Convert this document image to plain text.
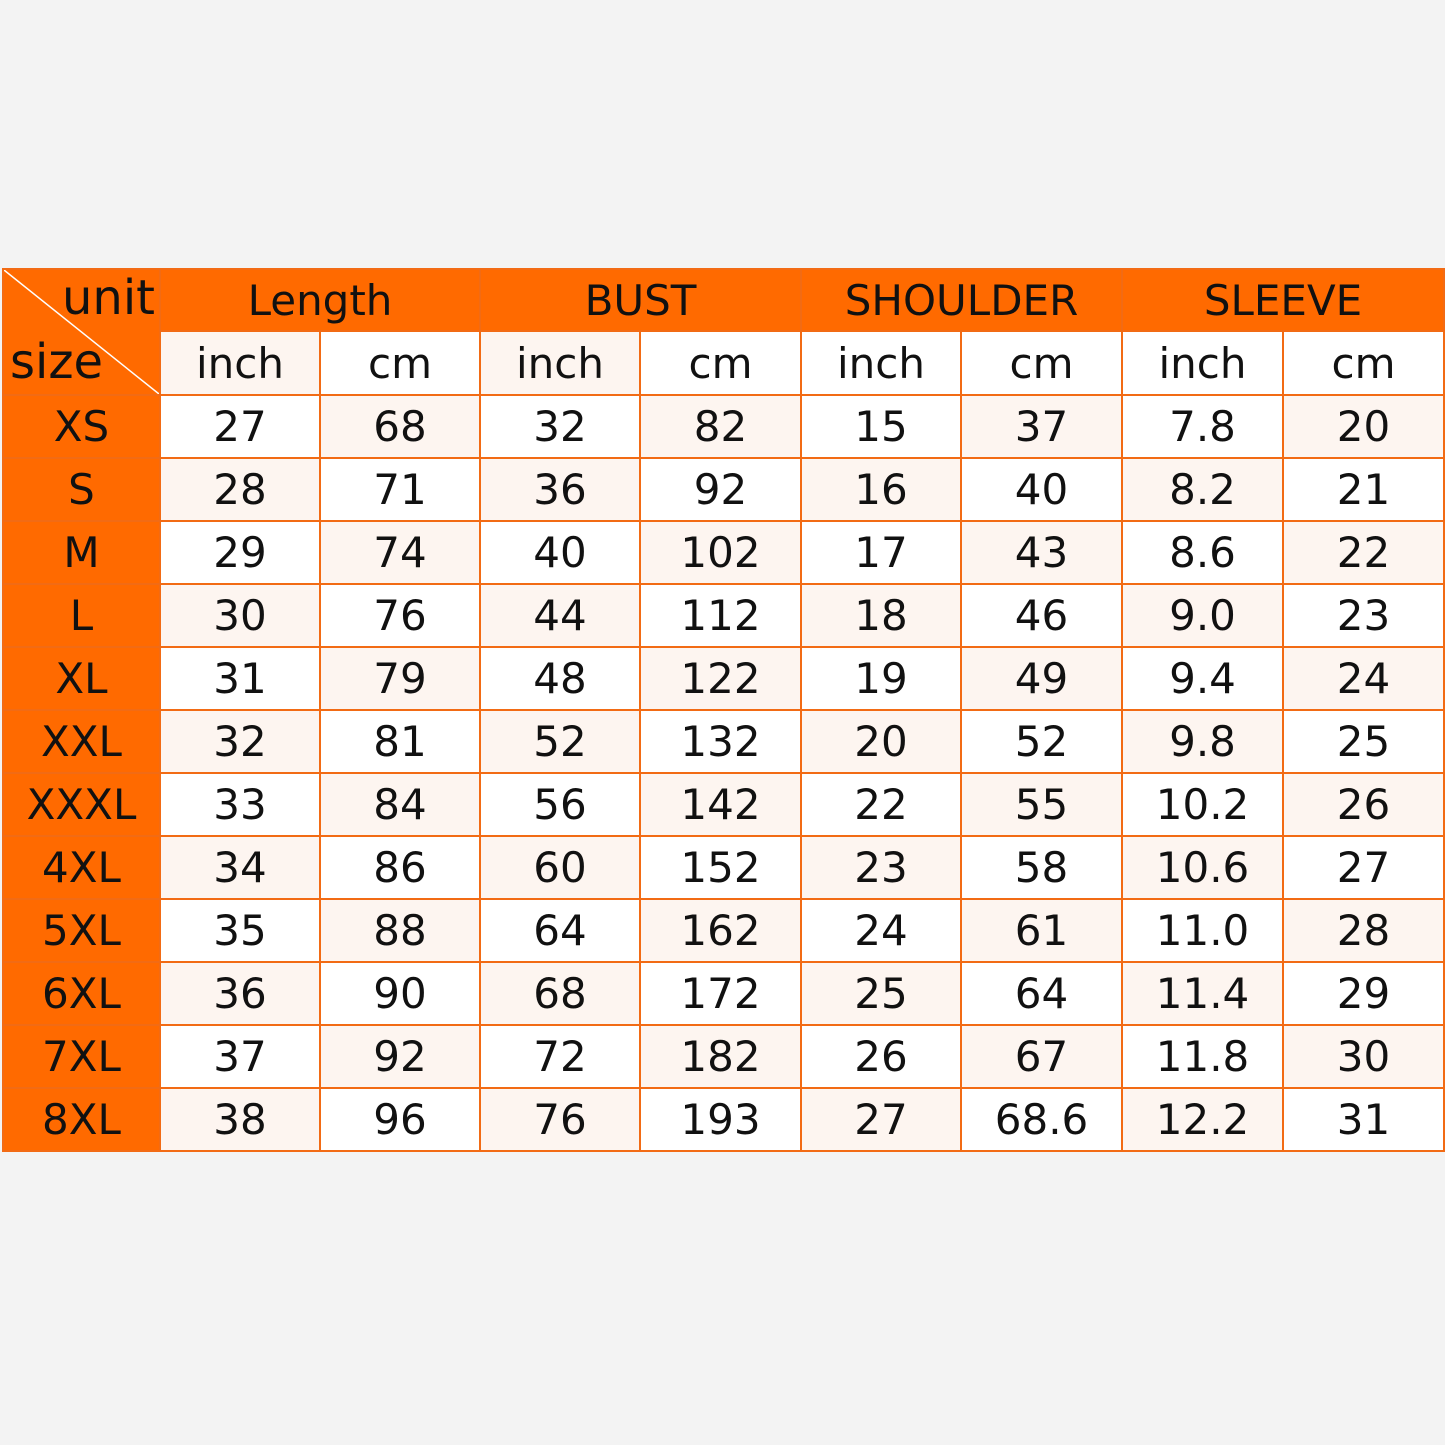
unit
size	Length		BUST		SHOULDER		SLEEVE	
	inch	cm	inch	cm	inch	cm	inch	cm
XS	27	68	32	82	15	37	7.8	20
S	28	71	36	92	16	40	8.2	21
M	29	74	40	102	17	43	8.6	22
L	30	76	44	112	18	46	9.0	23
XL	31	79	48	122	19	49	9.4	24
XXL	32	81	52	132	20	52	9.8	25
XXXL	33	84	56	142	22	55	10.2	26
4XL	34	86	60	152	23	58	10.6	27
5XL	35	88	64	162	24	61	11.0	28
6XL	36	90	68	172	25	64	11.4	29
7XL	37	92	72	182	26	67	11.8	30
8XL	38	96	76	193	27	68.6	12.2	31
